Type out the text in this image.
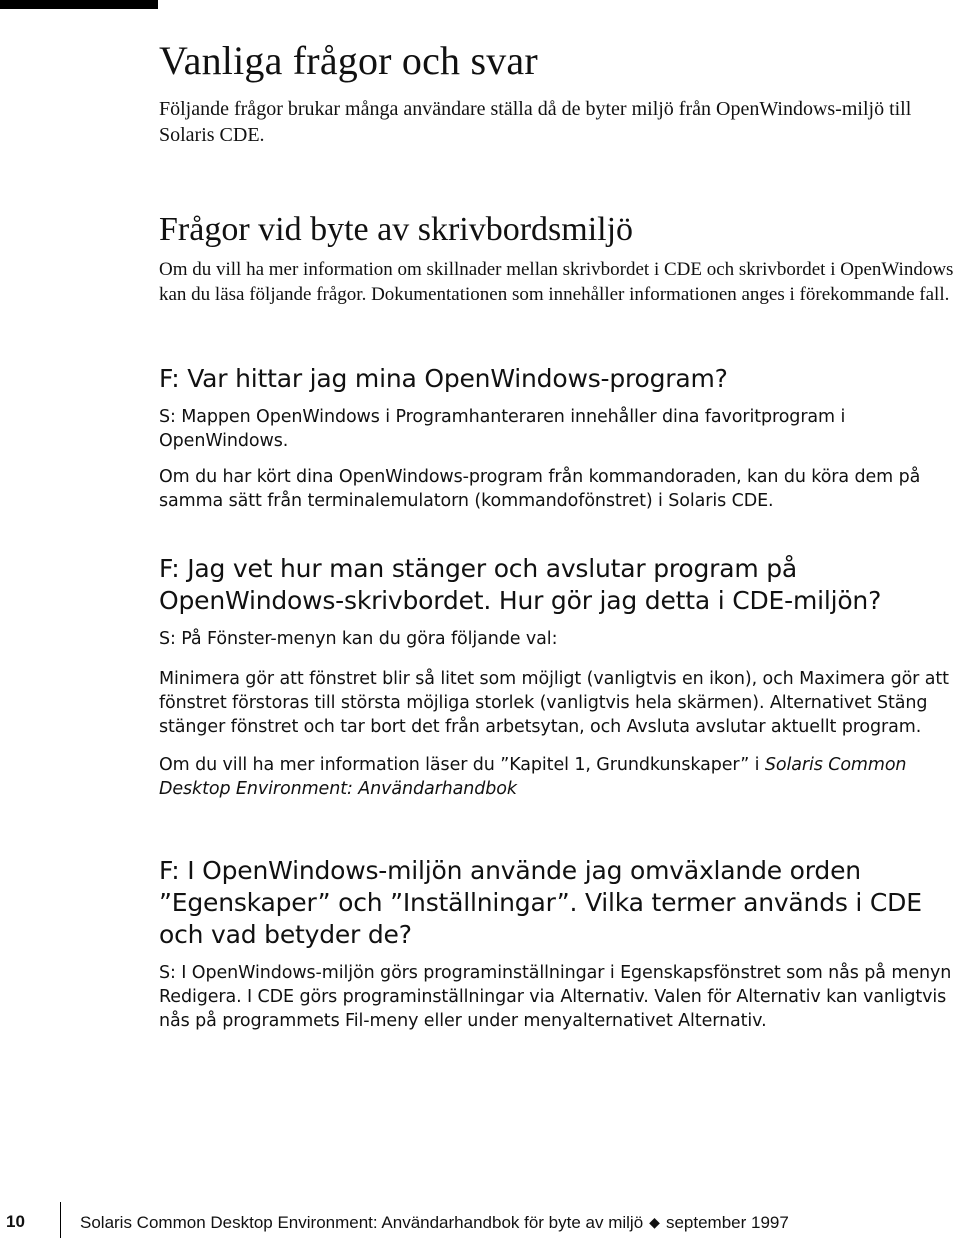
Vanliga frågor och svar

Följande frågor brukar många användare ställa då de byter miljö från OpenWindows-miljö till Solaris CDE.

Frågor vid byte av skrivbordsmiljö

Om du vill ha mer information om skillnader mellan skrivbordet i CDE och skrivbordet i OpenWindows kan du läsa följande frågor. Dokumentationen som innehåller informationen anges i förekommande fall.

F: Var hittar jag mina OpenWindows-program?

S: Mappen OpenWindows i Programhanteraren innehåller dina favoritprogram i OpenWindows.

Om du har kört dina OpenWindows-program från kommandoraden, kan du köra dem på samma sätt från terminalemulatorn (kommandofönstret) i Solaris CDE.

F: Jag vet hur man stänger och avslutar program på OpenWindows-skrivbordet. Hur gör jag detta i CDE-miljön?

S: På Fönster-menyn kan du göra följande val:

Minimera gör att fönstret blir så litet som möjligt (vanligtvis en ikon), och Maximera gör att fönstret förstoras till största möjliga storlek (vanligtvis hela skärmen). Alternativet Stäng stänger fönstret och tar bort det från arbetsytan, och Avsluta avslutar aktuellt program.

Om du vill ha mer information läser du ”Kapitel 1, Grundkunskaper” i Solaris Common Desktop Environment: Användarhandbok

F: I OpenWindows-miljön använde jag omväxlande orden ”Egenskaper” och ”Inställningar”. Vilka termer används i CDE och vad betyder de?

S: I OpenWindows-miljön görs programinställningar i Egenskapsfönstret som nås på menyn Redigera. I CDE görs programinställningar via Alternativ. Valen för Alternativ kan vanligtvis nås på programmets Fil-meny eller under menyalternativet Alternativ.

10	Solaris Common Desktop Environment: Användarhandbok för byte av miljö ◆ september 1997
